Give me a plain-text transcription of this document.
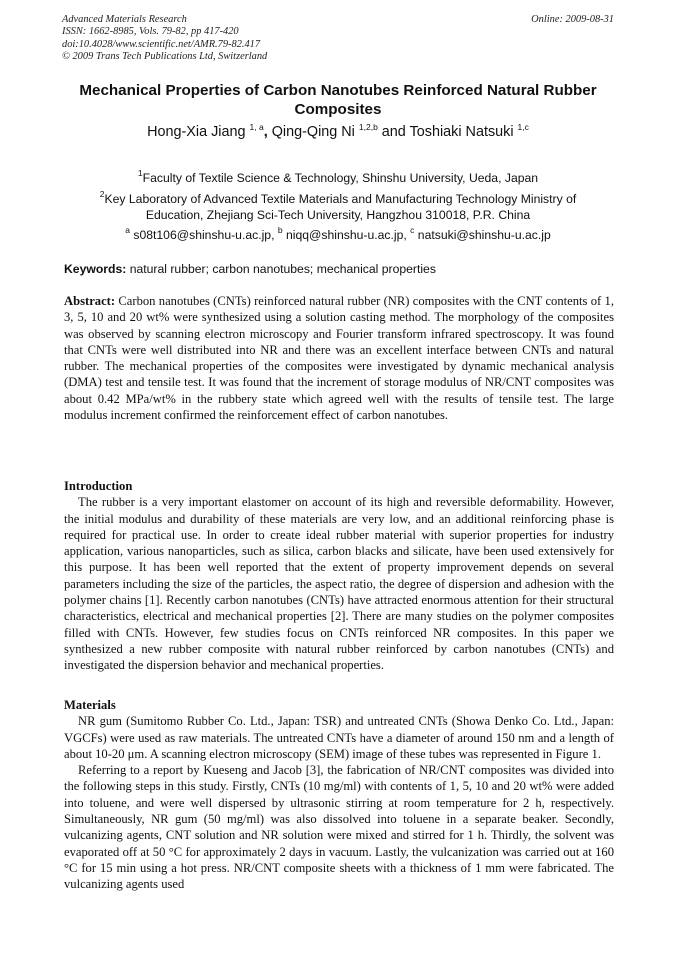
Advanced Materials Research
ISSN: 1662-8985, Vols. 79-82, pp 417-420
doi:10.4028/www.scientific.net/AMR.79-82.417
© 2009 Trans Tech Publications Ltd, Switzerland
Online: 2009-08-31
Mechanical Properties of Carbon Nanotubes Reinforced Natural Rubber Composites
Hong-Xia Jiang $^{1, a}$, Qing-Qing Ni $^{1,2,b}$ and Toshiaki Natsuki $^{1,c}$
$^1$Faculty of Textile Science & Technology, Shinshu University, Ueda, Japan
$^2$Key Laboratory of Advanced Textile Materials and Manufacturing Technology Ministry of
Education, Zhejiang Sci-Tech University, Hangzhou 310018, P.R. China
$^a$ s08t106@shinshu-u.ac.jp, $^b$ niqq@shinshu-u.ac.jp, $^c$ natsuki@shinshu-u.ac.jp
Keywords: natural rubber; carbon nanotubes; mechanical properties

Abstract: Carbon nanotubes (CNTs) reinforced natural rubber (NR) composites with the CNT contents of 1, 3, 5, 10 and 20 wt% were synthesized using a solution casting method. The morphology of the composites was observed by scanning electron microscopy and Fourier transform infrared spectroscopy. It was found that CNTs were well distributed into NR and there was an excellent interface between CNTs and natural rubber. The mechanical properties of the composites were investigated by dynamic mechanical analysis (DMA) test and tensile test. It was found that the increment of storage modulus of NR/CNT composites was about 0.42 MPa/wt% in the rubbery state which agreed well with the results of tensile test. The large modulus increment confirmed the reinforcement effect of carbon nanotubes.

Introduction

The rubber is a very important elastomer on account of its high and reversible deformability. However, the initial modulus and durability of these materials are very low, and an additional reinforcing phase is required for practical use. In order to create ideal rubber material with superior properties for industry application, various nanoparticles, such as silica, carbon blacks and silicate, have been used extensively for this purpose. It has been well reported that the extent of property improvement depends on several parameters including the size of the particles, the aspect ratio, the degree of dispersion and adhesion with the polymer chains [1]. Recently carbon nanotubes (CNTs) have attracted enormous attention for their structural characteristics, electrical and mechanical properties [2]. There are many studies on the polymer composites filled with CNTs. However, few studies focus on CNTs reinforced NR composites. In this paper we synthesized a new rubber composite with natural rubber reinforced by carbon nanotubes (CNTs) and investigated the dispersion behavior and mechanical properties.

Materials

NR gum (Sumitomo Rubber Co. Ltd., Japan: TSR) and untreated CNTs (Showa Denko Co. Ltd., Japan: VGCFs) were used as raw materials. The untreated CNTs have a diameter of around 150 nm and a length of about 10-20 μm. A scanning electron microscopy (SEM) image of these tubes was represented in Figure 1.

Referring to a report by Kueseng and Jacob [3], the fabrication of NR/CNT composites was divided into the following steps in this study. Firstly, CNTs (10 mg/ml) with contents of 1, 5, 10 and 20 wt% were added into toluene, and were well dispersed by ultrasonic stirring at room temperature for 2 h, respectively. Simultaneously, NR gum (50 mg/ml) was also dissolved into toluene in a separate beaker. Secondly, vulcanizing agents, CNT solution and NR solution were mixed and stirred for 1 h. Thirdly, the solvent was evaporated off at 50 °C for approximately 2 days in vacuum. Lastly, the vulcanization was carried out at 160 °C for 15 min using a hot press. NR/CNT composite sheets with a thickness of 1 mm were fabricated. The vulcanizing agents used
